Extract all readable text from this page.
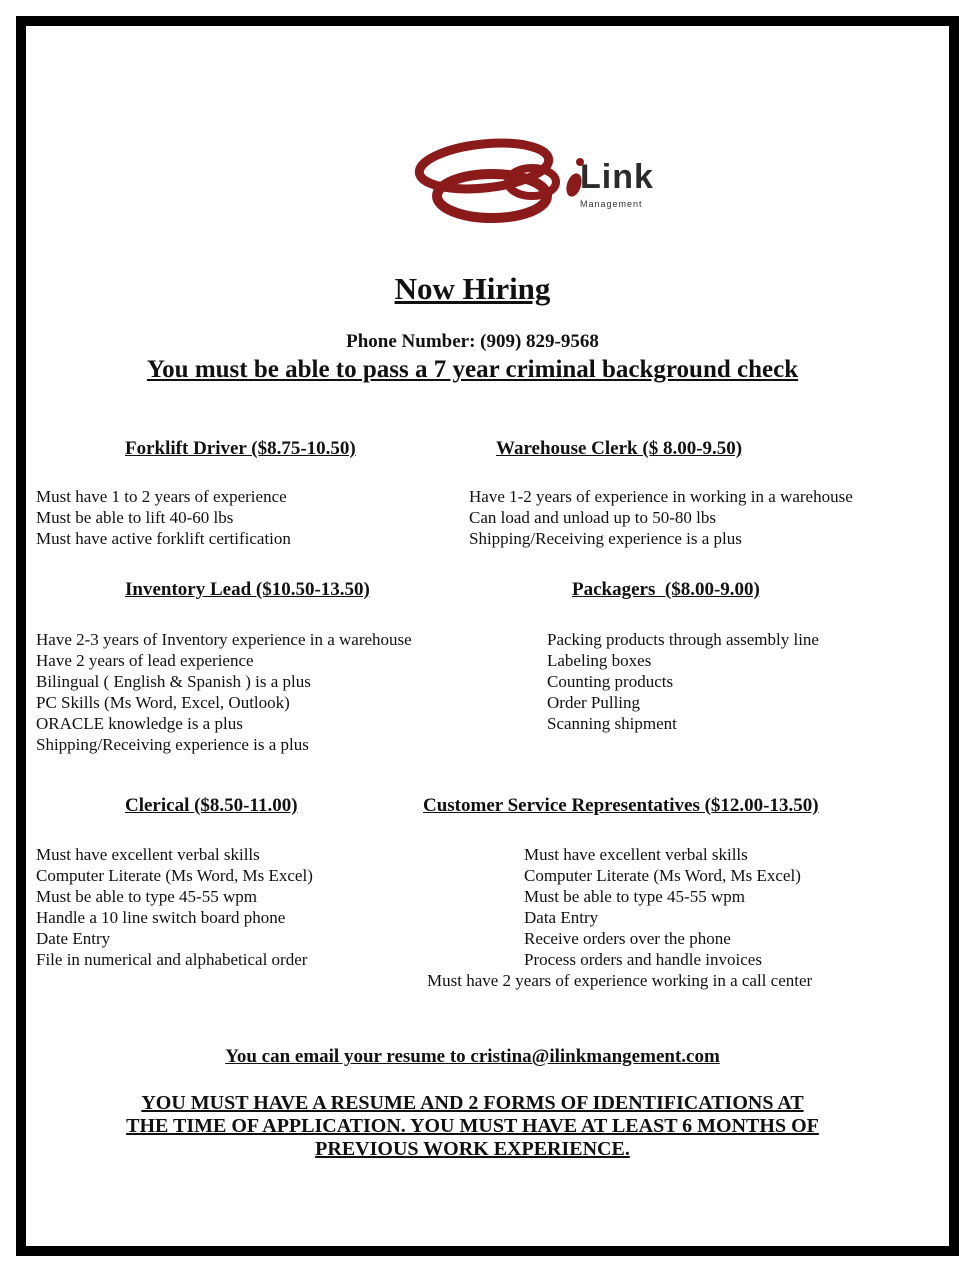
Link
Management
Now Hiring
Phone Number: (909) 829-9568
You must be able to pass a 7 year criminal background check
Forklift Driver ($8.75-10.50)
Must have 1 to 2 years of experience
Must be able to lift 40-60 lbs
Must have active forklift certification
Warehouse Clerk ($ 8.00-9.50)
Have 1-2 years of experience in working in a warehouse
Can load and unload up to 50-80 lbs
Shipping/Receiving experience is a plus
Inventory Lead ($10.50-13.50)
Have 2-3 years of Inventory experience in a warehouse
Have 2 years of lead experience
Bilingual ( English & Spanish ) is a plus
PC Skills (Ms Word, Excel, Outlook)
ORACLE knowledge is a plus
Shipping/Receiving experience is a plus
Packagers  ($8.00-9.00)
Packing products through assembly line
Labeling boxes
Counting products
Order Pulling
Scanning shipment
Clerical ($8.50-11.00)
Must have excellent verbal skills
Computer Literate (Ms Word, Ms Excel)
Must be able to type 45-55 wpm
Handle a 10 line switch board phone
Date Entry
File in numerical and alphabetical order
Customer Service Representatives ($12.00-13.50)
Must have excellent verbal skills
Computer Literate (Ms Word, Ms Excel)
Must be able to type 45-55 wpm
Data Entry
Receive orders over the phone
Process orders and handle invoices
Must have 2 years of experience working in a call center
You can email your resume to cristina@ilinkmangement.com
YOU MUST HAVE A RESUME AND 2 FORMS OF IDENTIFICATIONS AT
THE TIME OF APPLICATION. YOU MUST HAVE AT LEAST 6 MONTHS OF
PREVIOUS WORK EXPERIENCE.
